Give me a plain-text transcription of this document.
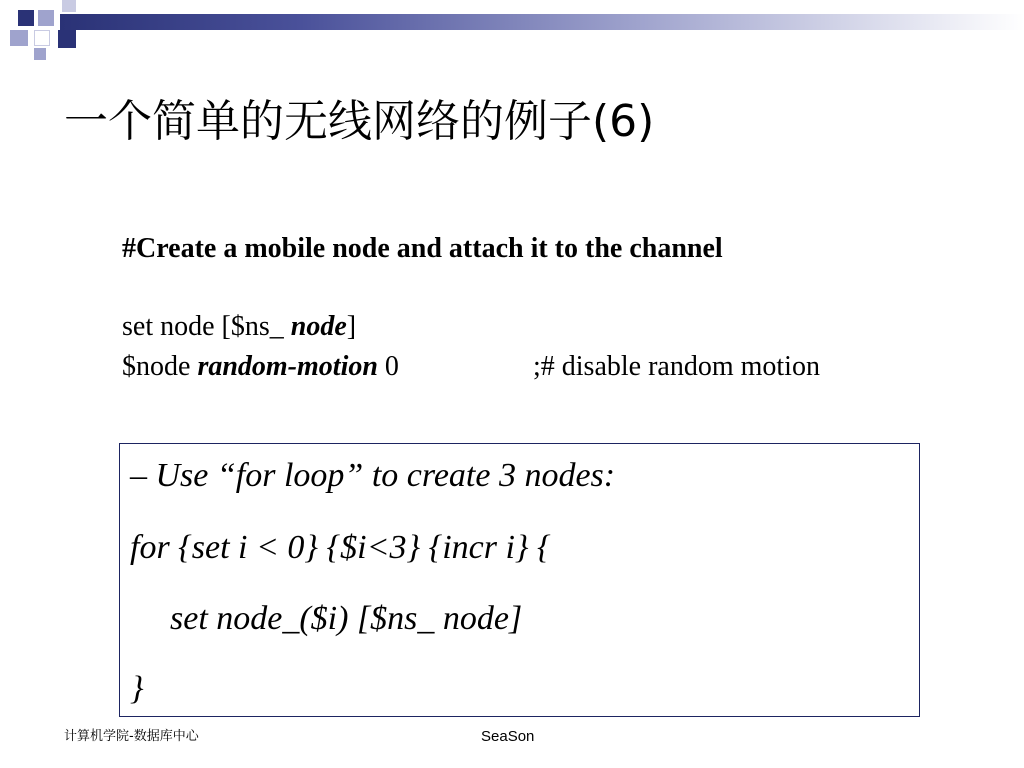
一个简单的无线网络的例子(6)
#Create a mobile node and attach it to the channel
set node [$ns_ node]
$node random-motion 0	;# disable random motion
– Use “for loop” to create 3 nodes:
for {set i < 0} {$i<3} {incr i} {
set node_($i) [$ns_ node]
}
计算机学院-数据库中心	SeaSon
